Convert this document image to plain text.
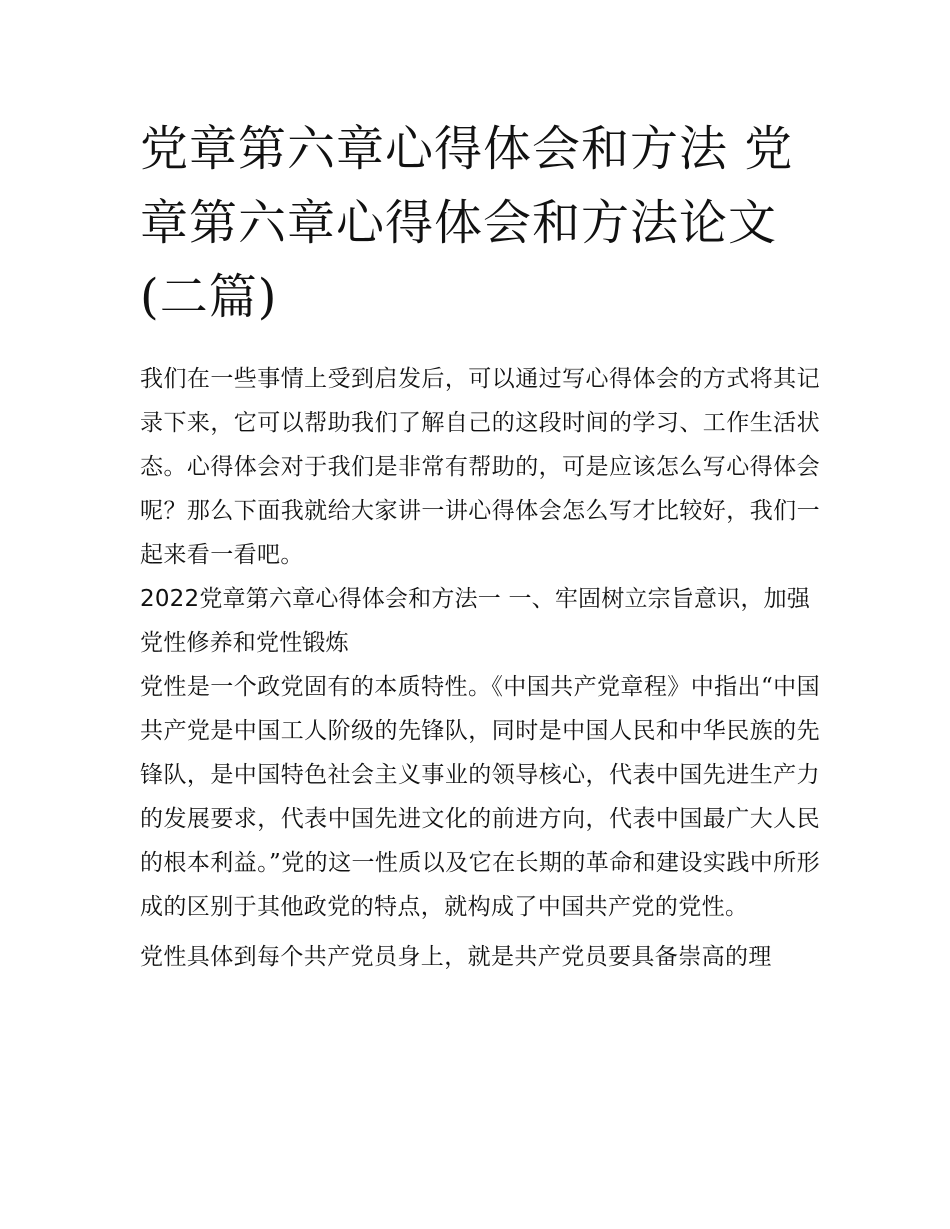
党章第六章心得体会和方法 党章第六章心得体会和方法论文(二篇)

我们在一些事情上受到启发后，可以通过写心得体会的方式将其记录下来，它可以帮助我们了解自己的这段时间的学习、工作生活状态。心得体会对于我们是非常有帮助的，可是应该怎么写心得体会呢？那么下面我就给大家讲一讲心得体会怎么写才比较好，我们一起来看一看吧。

2022党章第六章心得体会和方法一 一、牢固树立宗旨意识，加强党性修养和党性锻炼

党性是一个政党固有的本质特性。《中国共产党章程》中指出“中国共产党是中国工人阶级的先锋队，同时是中国人民和中华民族的先锋队，是中国特色社会主义事业的领导核心，代表中国先进生产力的发展要求，代表中国先进文化的前进方向，代表中国最广大人民的根本利益。”党的这一性质以及它在长期的革命和建设实践中所形成的区别于其他政党的特点，就构成了中国共产党的党性。

党性具体到每个共产党员身上，就是共产党员要具备崇高的理
